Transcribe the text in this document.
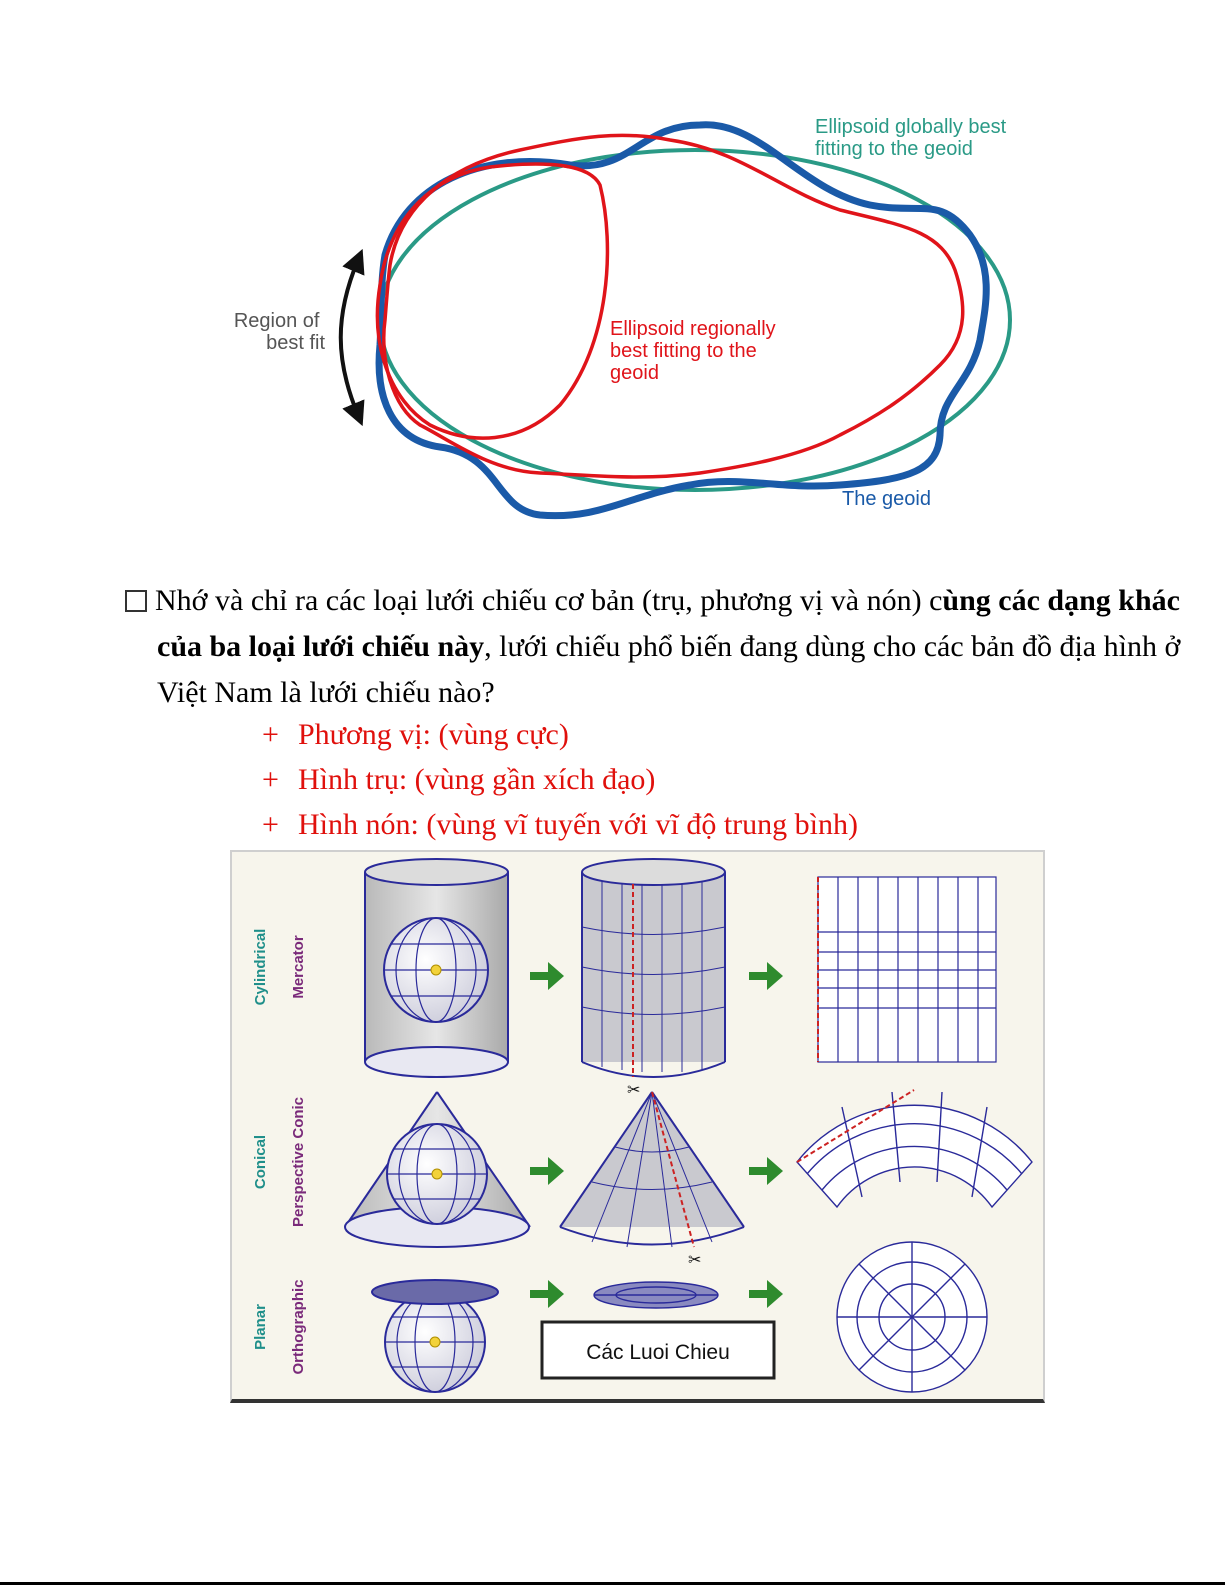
Region of best fit
Ellipsoid globally best fitting to the geoid
Ellipsoid regionally best fitting to the geoid
The geoid
Nhớ và chỉ ra các loại lưới chiếu cơ bản (trụ, phương vị và nón) cùng các dạng khác của ba loại lưới chiếu này, lưới chiếu phổ biến đang dùng cho các bản đồ địa hình ở Việt Nam là lưới chiếu nào?
+ Phương vị: (vùng cực)
+ Hình trụ: (vùng gần xích đạo)
+ Hình nón: (vùng vĩ tuyến với vĩ độ trung bình)
Cylindrical Mercator
Conical Perspective Conic
Planar Orthographic
✂
✂
Các Luoi Chieu
